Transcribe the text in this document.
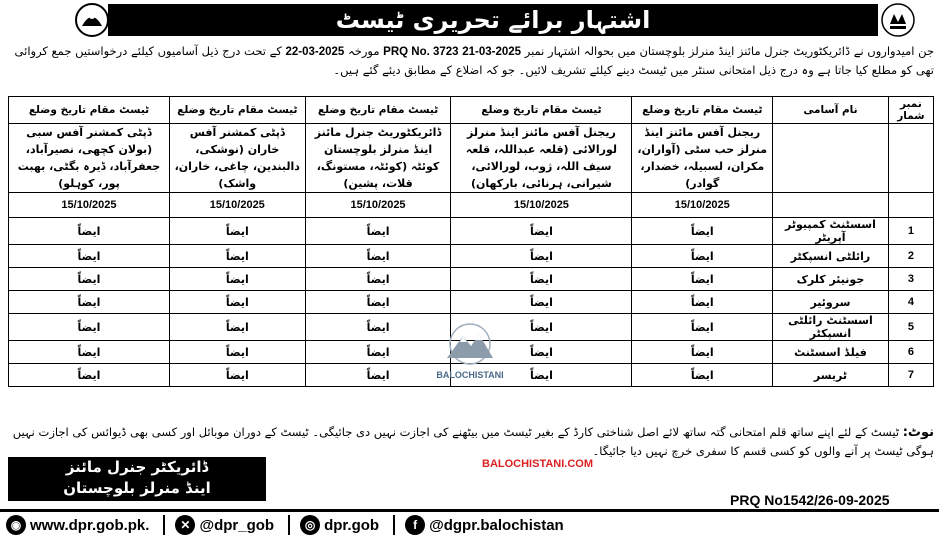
اشتہار برائے تحریری ٹیسٹ
جن امیدواروں نے ڈائریکٹوریٹ جنرل مائنز اینڈ منرلز بلوچستان میں بحوالہ اشتہار نمبر PRQ No. 3723 21-03-2025 مورخہ 22-03-2025 کے تحت درج ذیل آسامیوں کیلئے درخواستیں جمع کروائی تھی کو مطلع کیا جاتا ہے وہ درج ذیل امتحانی سنٹر میں ٹیسٹ دینے کیلئے تشریف لائیں۔ جو کہ اضلاع کے مطابق دیئے گئے ہیں۔
نمبر شمار	نام آسامی	ٹیسٹ مقام تاریخ وضلع	ٹیسٹ مقام تاریخ وضلع	ٹیسٹ مقام تاریخ وضلع	ٹیسٹ مقام تاریخ وضلع	ٹیسٹ مقام تاریخ وضلع
		ریجنل آفس مائنز اینڈ منرلز حب سٹی (آواران، مکران، لسبیلہ، خضدار، گوادر)	ریجنل آفس مائنز اینڈ منرلز لورالائی (قلعہ عبداللہ، قلعہ سیف اللہ، ژوب، لورالائی، شیرانی، ہرنائی، بارکھان)	ڈائریکٹوریٹ جنرل مائنز اینڈ منرلز بلوچستان کوئٹہ (کوئٹہ، مستونگ، قلات، پشین)	ڈپٹی کمشنر آفس خاران (نوشکی، دالبندین، چاغی، خاران، واشک)	ڈپٹی کمشنر آفس سبی (بولان کچھی، نصیرآباد، جعفرآباد، ڈیرہ بگٹی، بھبت پور، کوہلو)
		15/10/2025	15/10/2025	15/10/2025	15/10/2025	15/10/2025
1	اسسٹنٹ کمپیوٹر آپریٹر	ایضاً	ایضاً	ایضاً	ایضاً	ایضاً
2	رائلٹی انسپکٹر	ایضاً	ایضاً	ایضاً	ایضاً	ایضاً
3	جونیئر کلرک	ایضاً	ایضاً	ایضاً	ایضاً	ایضاً
4	سروئیر	ایضاً	ایضاً	ایضاً	ایضاً	ایضاً
5	اسسٹنٹ رائلٹی انسپکٹر	ایضاً	ایضاً	ایضاً	ایضاً	ایضاً
6	فیلڈ اسسٹنٹ	ایضاً	ایضاً	ایضاً	ایضاً	ایضاً
7	ٹریسر	ایضاً	ایضاً	ایضاً	ایضاً	ایضاً	BALOCHISTANI
نوٹ: ٹیسٹ کے لئے اپنے ساتھ قلم امتحانی گتہ ساتھ لائے اصل شناختی کارڈ کے بغیر ٹیسٹ میں بیٹھنے کی اجازت نہیں دی جائیگی۔ ٹیسٹ کے دوران موبائل اور کسی بھی ڈیوائس کی اجازت نہیں ہوگی ٹیسٹ پر آنے والوں کو کسی قسم کا سفری خرچ نہیں دیا جائیگا۔
ڈائریکٹر جنرل مائنز
اینڈ منرلز بلوچستان
BALOCHISTANI.COM
PRQ No1542/26-09-2025
◉ www.dpr.gob.pk.	✕ @dpr_gob	◎ dpr.gob	f @dgpr.balochistan
